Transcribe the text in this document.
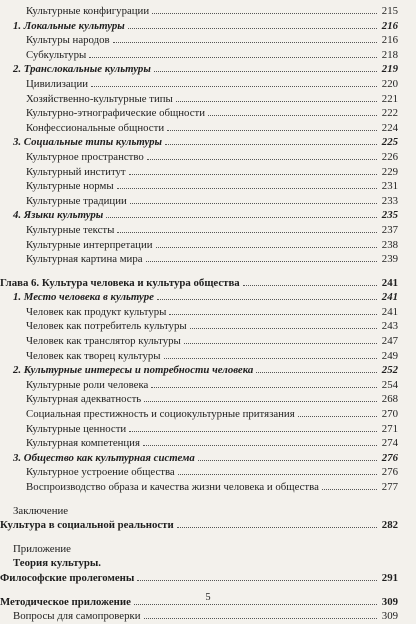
Культурные конфигурации	215
1. Локальные культуры	216
Культуры народов	216
Субкультуры	218
2. Транслокальные культуры	219
Цивилизации	220
Хозяйственно-культурные типы	221
Культурно-этнографические общности	222
Конфессиональные общности	224
3. Социальные типы культуры	225
Культурное пространство	226
Культурный институт	229
Культурные нормы	231
Культурные традиции	233
4. Языки культуры	235
Культурные тексты	237
Культурные интерпретации	238
Культурная картина мира	239
Глава 6. Культура человека и культура общества	241
1. Место человека в культуре	241
Человек как продукт культуры	241
Человек как потребитель культуры	243
Человек как транслятор культуры	247
Человек как творец культуры	249
2. Культурные интересы и потребности человека	252
Культурные роли человека	254
Культурная адекватность	268
Социальная престижность и социокультурные притязания	270
Культурные ценности	271
Культурная компетенция	274
3. Общество как культурная система	276
Культурное устроение общества	276
Воспроизводство образа и качества жизни человека и общества	277
Заключение
Культура в социальной реальности	282
Приложение
Теория культуры.
Философские пролегомены	291
Методическое приложение	309
Вопросы для самопроверки	309
5
